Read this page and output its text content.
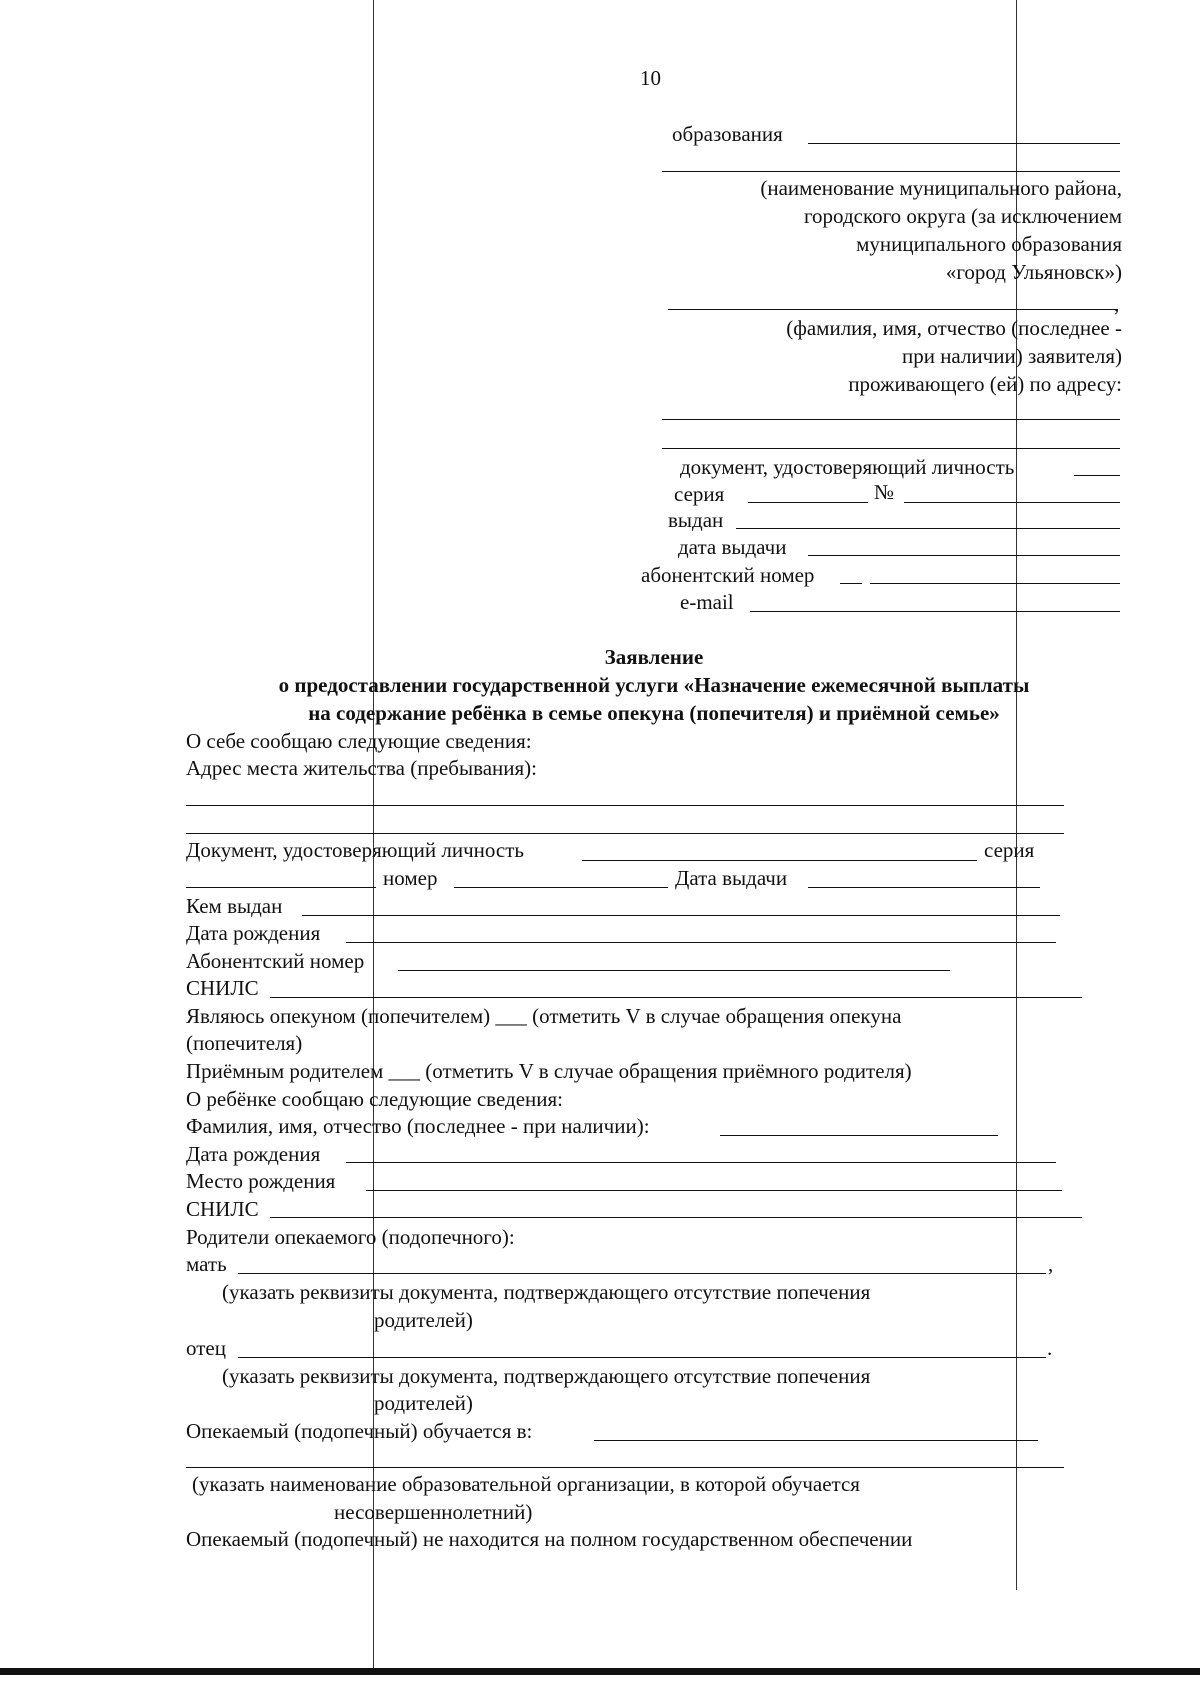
10
образования
(наименование муниципального района,
городского округа (за исключением
муниципального образования
«город Ульяновск»)
,
(фамилия, имя, отчество (последнее -
при наличии) заявителя)
проживающего (ей) по адресу:
документ, удостоверяющий личность
серия	№
выдан
дата выдачи
абонентский номер
e-mail
Заявление
о предоставлении государственной услуги «Назначение ежемесячной выплаты
на содержание ребёнка в семье опекуна (попечителя) и приёмной семье»
О себе сообщаю следующие сведения:
Адрес места жительства (пребывания):
Документ, удостоверяющий личность	серия
номер	Дата выдачи
Кем выдан
Дата рождения
Абонентский номер
СНИЛС
Являюсь опекуном (попечителем) ___ (отметить V в случае обращения опекуна
(попечителя)
Приёмным родителем ___ (отметить V в случае обращения приёмного родителя)
О ребёнке сообщаю следующие сведения:
Фамилия, имя, отчество (последнее - при наличии):
Дата рождения
Место рождения
СНИЛС
Родители опекаемого (подопечного):
мать	,
(указать реквизиты документа, подтверждающего отсутствие попечения
родителей)
отец	.
(указать реквизиты документа, подтверждающего отсутствие попечения
родителей)
Опекаемый (подопечный) обучается в:
(указать наименование образовательной организации, в которой обучается
несовершеннолетний)
Опекаемый (подопечный) не находится на полном государственном обеспечении
